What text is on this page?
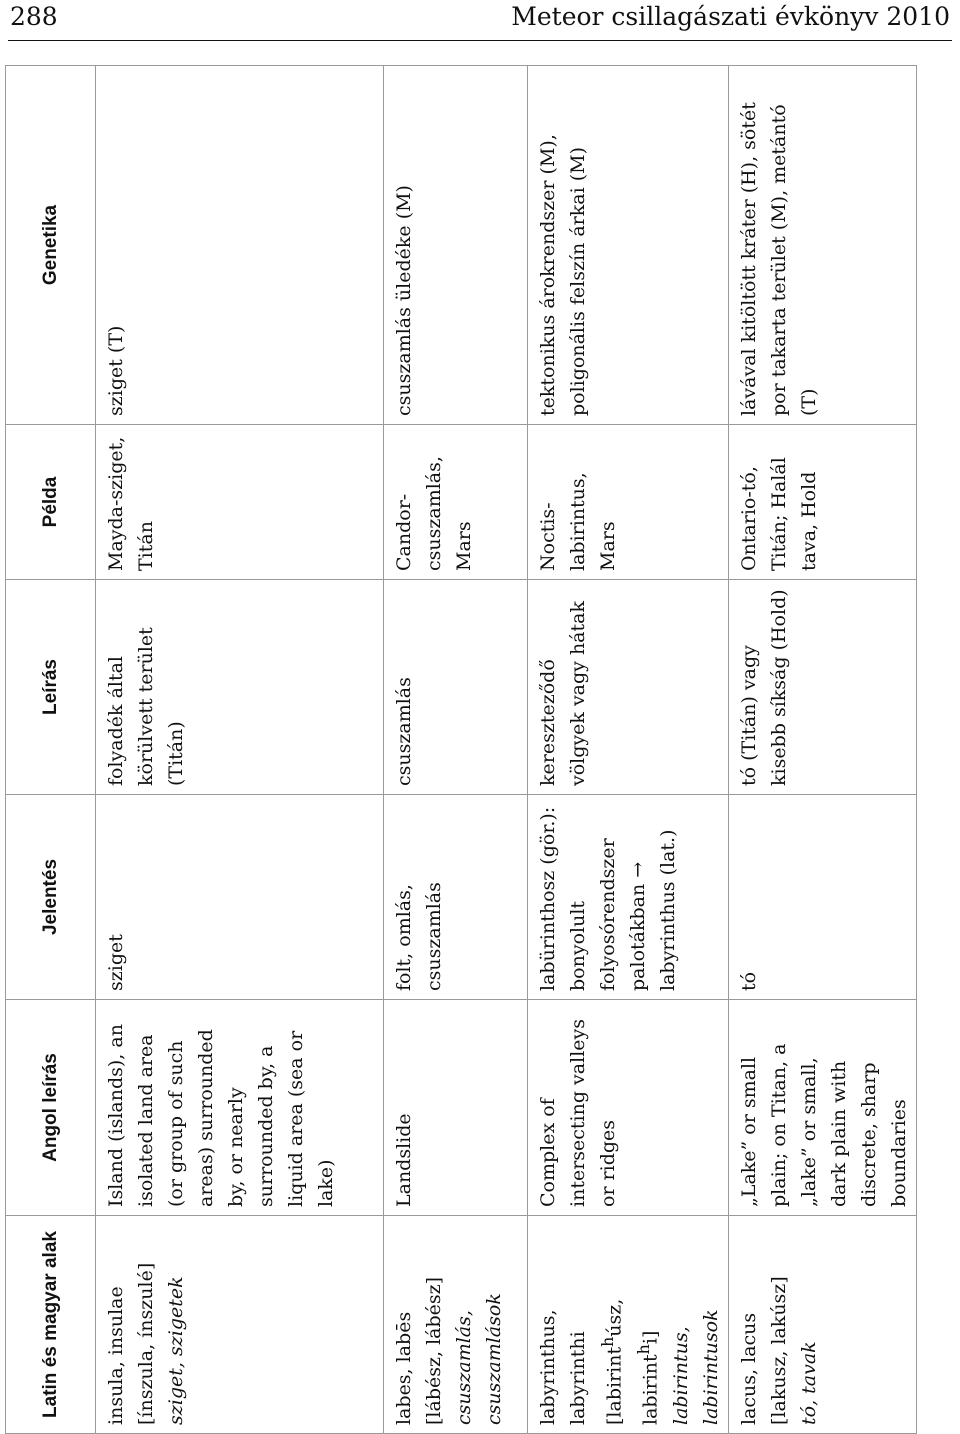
288	Meteor csillagászati évkönyv 2010
Latin és magyar alak	Angol leírás	Jelentés	Leírás	Példa	Genetika

insula, insulae [ínszula, ínszulé] sziget, szigetek	Island (islands), an isolated land area (or group of such areas) surrounded by, or nearly surrounded by, a liquid area (sea or lake)	sziget	folyadék által körülvett terület (Titán)	Mayda-sziget, Titán	sziget (T)

labes, labēs [lábész, lábész] csuszamlás, csuszamlások	Landslide	folt, omlás, csuszamlás	csuszamlás	Candor-csuszamlás, Mars	csuszamlás üledéke (M)

labyrinthus, labyrinthi [labirint$^h$úsz, labirint$^h$i] labirintus, labirintusok	Complex of intersecting valleys or ridges	labürinthosz (gör.): bonyolult folyosórendszer palotákban → labyrinthus (lat.)	kereszteződő völgyek vagy hátak	Noctis-labirintus, Mars	tektonikus árokrendszer (M), poligonális felszín árkai (M)

lacus, lacus [lakusz, lakúsz] tó, tavak	„Lake” or small plain; on Titan, a „lake” or small, dark plain with discrete, sharp boundaries	tó	tó (Titán) vagy kisebb síkság (Hold)	Ontario-tó, Titán; Halál tava, Hold	lávával kitöltött kráter (H), sötét por takarta terület (M), metántó (T)
